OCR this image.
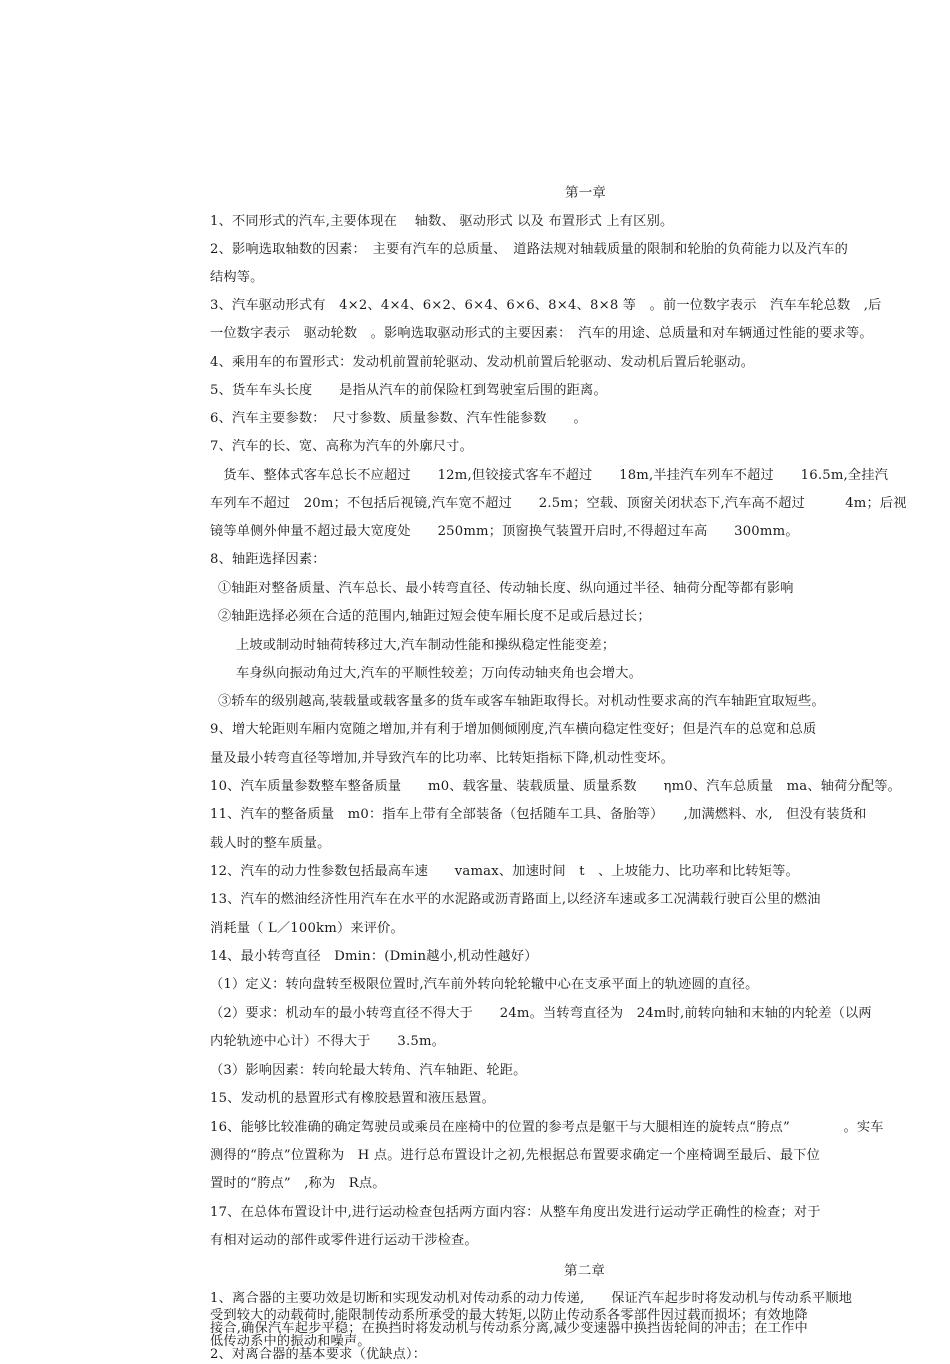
第一章
1、不同形式的汽车,主要体现在　 轴数、 驱动形式 以及 布置形式 上有区别。
2、影响选取轴数的因素：　主要有汽车的总质量、　道路法规对轴载质量的限制和轮胎的负荷能力以及汽车的
结构等。
3、汽车驱动形式有　4×2、4×4、6×2、6×4、6×6、8×4、8×8 等　。前一位数字表示　汽车车轮总数　,后
一位数字表示　驱动轮数　。影响选取驱动形式的主要因素：　汽车的用途、总质量和对车辆通过性能的要求等。
4、乘用车的布置形式：发动机前置前轮驱动、发动机前置后轮驱动、发动机后置后轮驱动。
5、货车车头长度　　是指从汽车的前保险杠到驾驶室后围的距离。
6、汽车主要参数：　尺寸参数、质量参数、汽车性能参数　　。
7、汽车的长、宽、高称为汽车的外廓尺寸。
　货车、整体式客车总长不应超过　　12m,但铰接式客车不超过　　18m,半挂汽车列车不超过　　16.5m,全挂汽
车列车不超过　20m；不包括后视镜,汽车宽不超过　　2.5m；空载、顶窗关闭状态下,汽车高不超过　　　4m；后视
镜等单侧外伸量不超过最大宽度处　　250mm；顶窗换气装置开启时,不得超过车高　　300mm。
8、轴距选择因素：
①轴距对整备质量、汽车总长、最小转弯直径、传动轴长度、纵向通过半径、轴荷分配等都有影响
②轴距选择必须在合适的范围内,轴距过短会使车厢长度不足或后悬过长；
上坡或制动时轴荷转移过大,汽车制动性能和操纵稳定性能变差；
车身纵向振动角过大,汽车的平顺性较差；万向传动轴夹角也会增大。
③轿车的级别越高,装载量或载客量多的货车或客车轴距取得长。对机动性要求高的汽车轴距宜取短些。
9、增大轮距则车厢内宽随之增加,并有利于增加侧倾刚度,汽车横向稳定性变好；但是汽车的总宽和总质
量及最小转弯直径等增加,并导致汽车的比功率、比转矩指标下降,机动性变坏。
10、汽车质量参数整车整备质量　　m0、载客量、装载质量、质量系数　　ηm0、汽车总质量　ma、轴荷分配等。
11、汽车的整备质量　m0：指车上带有全部装备（包括随车工具、备胎等）　　,加满燃料、水,　但没有装货和
载人时的整车质量。
12、汽车的动力性参数包括最高车速　　vamax、加速时间　t　、上坡能力、比功率和比转矩等。
13、汽车的燃油经济性用汽车在水平的水泥路或沥青路面上,以经济车速或多工况满载行驶百公里的燃油
消耗量（ L／100km）来评价。
14、最小转弯直径　Dmin：(Dmin越小,机动性越好）
（1）定义：转向盘转至极限位置时,汽车前外转向轮轮辙中心在支承平面上的轨迹圆的直径。
（2）要求：机动车的最小转弯直径不得大于　　24m。当转弯直径为　24m时,前转向轴和末轴的内轮差（以两
内轮轨迹中心计）不得大于　　3.5m。
（3）影响因素：转向轮最大转角、汽车轴距、轮距。
15、发动机的悬置形式有橡胶悬置和液压悬置。
16、能够比较准确的确定驾驶员或乘员在座椅中的位置的参考点是躯干与大腿相连的旋转点“胯点”　　　　。实车
测得的“胯点”位置称为　H 点。进行总布置设计之初,先根据总布置要求确定一个座椅调至最后、最下位
置时的“胯点”　,称为　R点。
17、在总体布置设计中,进行运动检查包括两方面内容：从整车角度出发进行运动学正确性的检查；对于
有相对运动的部件或零件进行运动干涉检查。
第二章
1、离合器的主要功效是切断和实现发动机对传动系的动力传递,　　保证汽车起步时将发动机与传动系平顺地
受到较大的动载荷时,能限制传动系所承受的最大转矩,以防止传动系各零部件因过载而损坏；有效地降
接合,确保汽车起步平稳；在换挡时将发动机与传动系分离,减少变速器中换挡齿轮间的冲击；在工作中
低传动系中的振动和噪声。
2、对离合器的基本要求（优缺点）：
